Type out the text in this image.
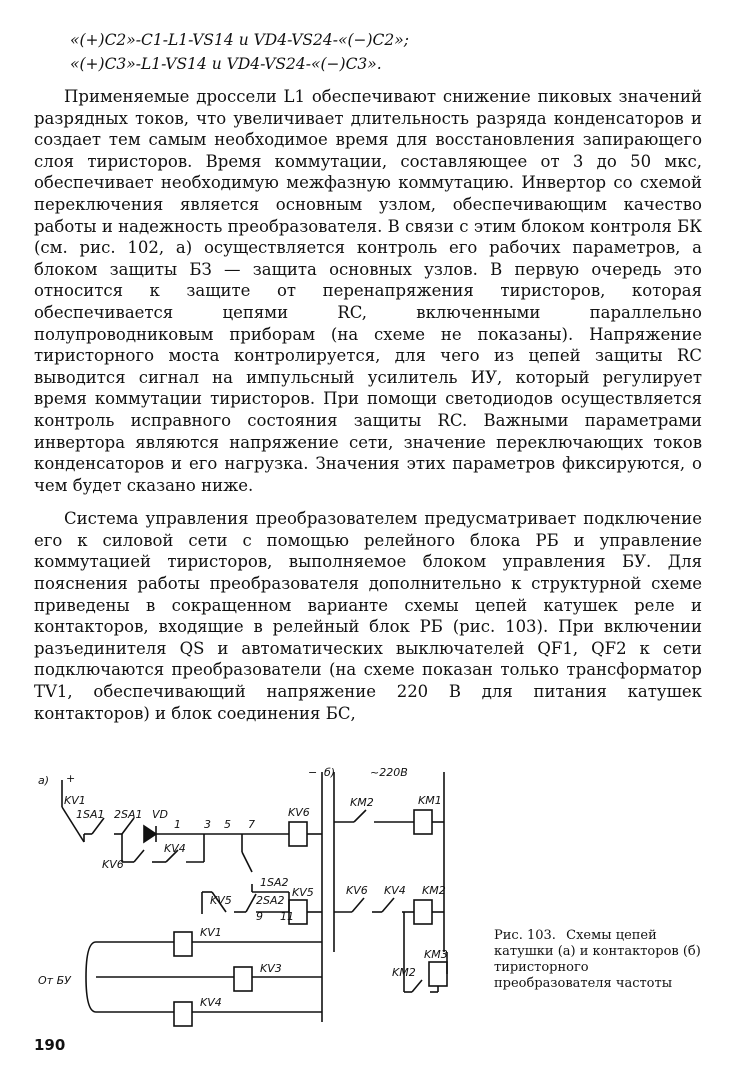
«(+)C2»-C1-L1-VS14 и VD4-VS24-«(−)C2»;
«(+)C3»-L1-VS14 и VD4-VS24-«(−)C3».

Применяемые дроссели L1 обеспечивают снижение пиковых значений разрядных токов, что увеличивает длительность разряда конденсаторов и создает тем самым необходимое время для восстановления запирающего слоя тиристоров. Время коммутации, составляющее от 3 до 50 мкс, обеспечивает необходимую межфазную коммутацию. Инвертор со схемой переключения является основным узлом, обеспечивающим качество работы и надежность преобразователя. В связи с этим блоком контроля БК (см. рис. 102, а) осуществляется контроль его рабочих параметров, а блоком защиты БЗ — защита основных узлов. В первую очередь это относится к защите от перенапряжения тиристоров, которая обеспечивается цепями RC, включенными параллельно полупроводниковым приборам (на схеме не показаны). Напряжение тиристорного моста контролируется, для чего из цепей защиты RC выводится сигнал на импульсный усилитель ИУ, который регулирует время коммутации тиристоров. При помощи светодиодов осуществляется контроль исправного состояния защиты RC. Важными параметрами инвертора являются напряжение сети, значение переключающих токов конденсаторов и его нагрузка. Значения этих параметров фиксируются, о чем будет сказано ниже.

Система управления преобразователем предусматривает подключение его к силовой сети с помощью релейного блока РБ и управление коммутацией тиристоров, выполняемое блоком управления БУ. Для пояснения работы преобразователя дополнительно к структурной схеме приведены в сокращенном варианте схемы цепей катушек реле и контакторов, входящие в релейный блок РБ (рис. 103). При включении разъединителя QS и автоматических выключателей QF1, QF2 к сети подключаются преобразователи (на схеме показан только трансформатор TV1, обеспечивающий напряжение 220 В для питания катушек контакторов) и блок соединения БС,

а) +
KV1
1SA1 2SA1 VD
1 3 5 7
KV6
KV4
1SA2
KV5 2SA2
9 11
KV6
KV5
KV1
KV3
KV4
От БУ
− б)	~220В
KM2	KM1
KV6 KV4 KM2
KM3
KM2
Рис. 103. Схемы цепей катушки (а) и контакторов (б) тиристорного преобразователя частоты
190
